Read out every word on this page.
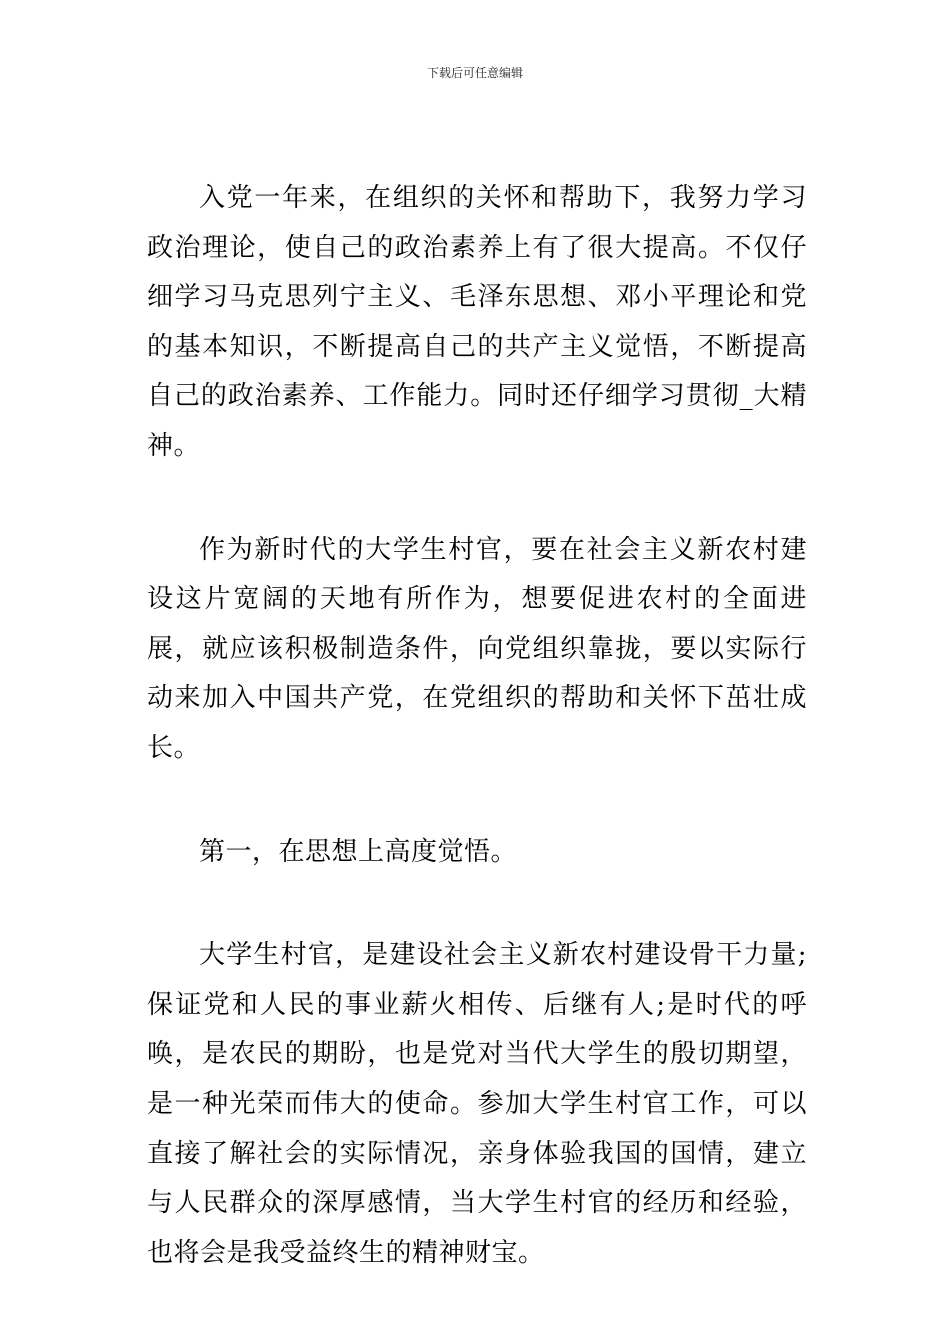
下载后可任意编辑

入党一年来，在组织的关怀和帮助下，我努力学习政治理论，使自己的政治素养上有了很大提高。不仅仔细学习马克思列宁主义、毛泽东思想、邓小平理论和党的基本知识，不断提高自己的共产主义觉悟，不断提高自己的政治素养、工作能力。同时还仔细学习贯彻_大精神。

作为新时代的大学生村官，要在社会主义新农村建设这片宽阔的天地有所作为，想要促进农村的全面进展，就应该积极制造条件，向党组织靠拢，要以实际行动来加入中国共产党，在党组织的帮助和关怀下茁壮成长。

第一，在思想上高度觉悟。

大学生村官，是建设社会主义新农村建设骨干力量;保证党和人民的事业薪火相传、后继有人;是时代的呼唤，是农民的期盼，也是党对当代大学生的殷切期望，是一种光荣而伟大的使命。参加大学生村官工作，可以直接了解社会的实际情况，亲身体验我国的国情，建立与人民群众的深厚感情，当大学生村官的经历和经验，也将会是我受益终生的精神财宝。
